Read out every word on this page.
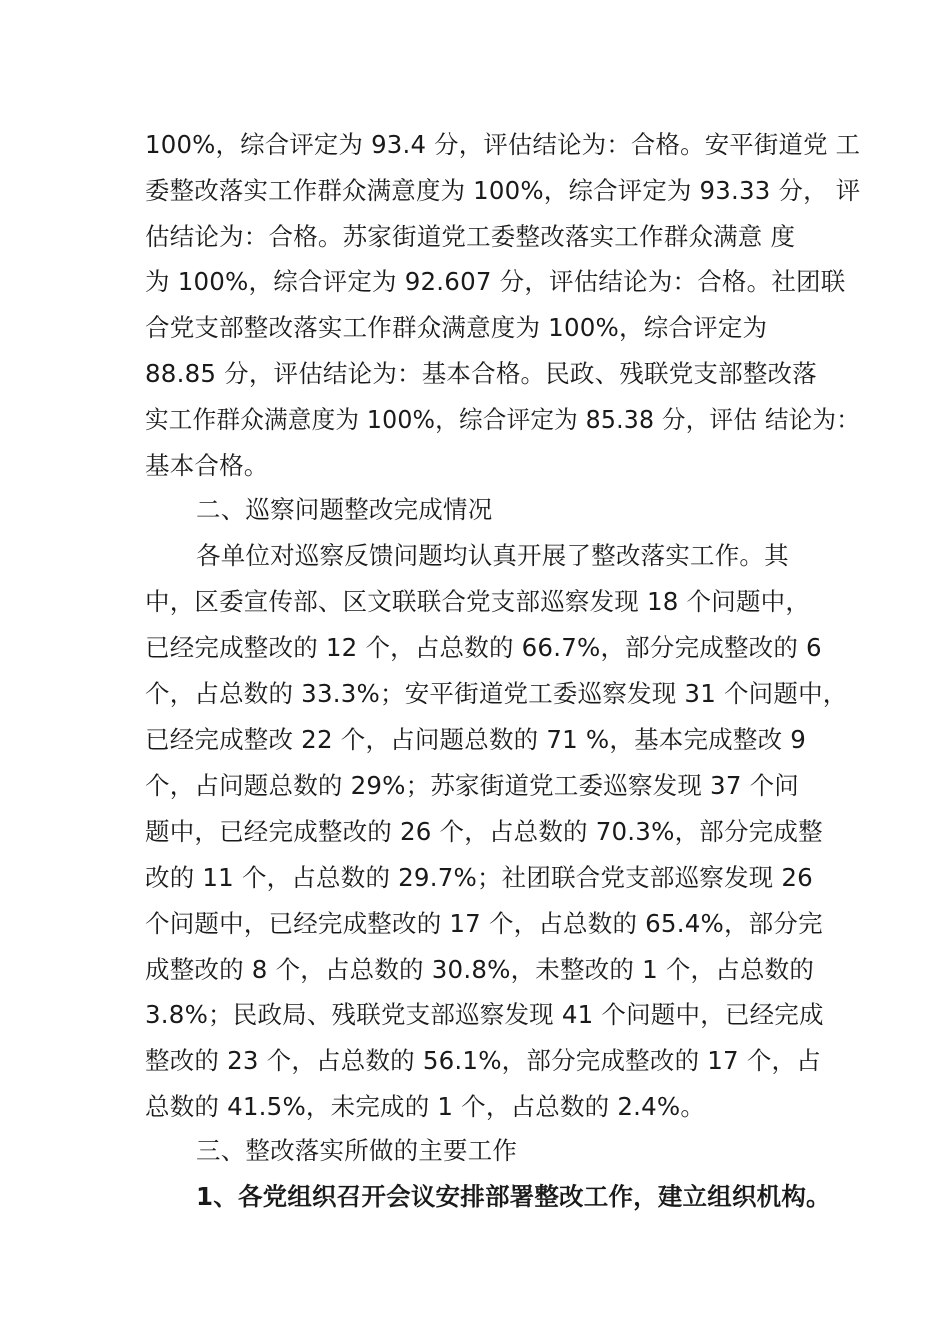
100%，综合评定为 93.4 分，评估结论为：合格。安平街道党 工
委整改落实工作群众满意度为 100%，综合评定为 93.33 分， 评
估结论为：合格。苏家街道党工委整改落实工作群众满意 度
为 100%，综合评定为 92.607 分，评估结论为：合格。社团联
合党支部整改落实工作群众满意度为 100%，综合评定为
88.85 分，评估结论为：基本合格。民政、残联党支部整改落
实工作群众满意度为 100%，综合评定为 85.38 分，评估 结论为：
基本合格。
二、巡察问题整改完成情况
各单位对巡察反馈问题均认真开展了整改落实工作。其
中，区委宣传部、区文联联合党支部巡察发现 18 个问题中，
已经完成整改的 12 个，占总数的 66.7%，部分完成整改的 6
个，占总数的 33.3%；安平街道党工委巡察发现 31 个问题中，
已经完成整改 22 个，占问题总数的 71 %，基本完成整改 9
个，占问题总数的 29%；苏家街道党工委巡察发现 37 个问
题中，已经完成整改的 26 个，占总数的 70.3%，部分完成整
改的 11 个，占总数的 29.7%；社团联合党支部巡察发现 26
个问题中，已经完成整改的 17 个，占总数的 65.4%，部分完
成整改的 8 个，占总数的 30.8%，未整改的 1 个，占总数的
3.8%；民政局、残联党支部巡察发现 41 个问题中，已经完成
整改的 23 个，占总数的 56.1%，部分完成整改的 17 个，占
总数的 41.5%，未完成的 1 个，占总数的 2.4%。
三、整改落实所做的主要工作
1、各党组织召开会议安排部署整改工作，建立组织机构。
